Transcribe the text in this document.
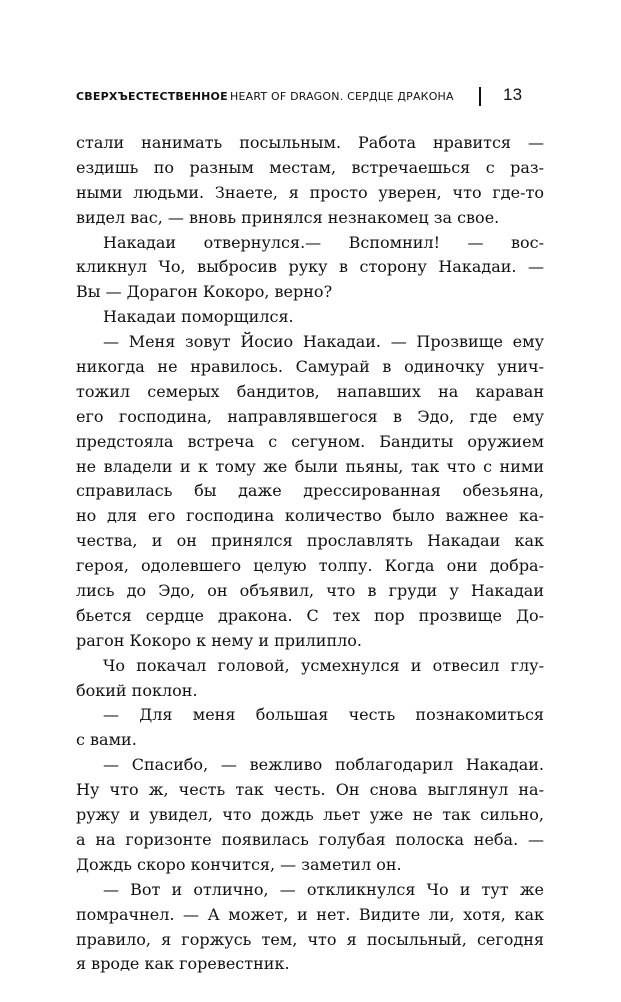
СВЕРХЪЕСТЕСТВЕННОЕ HEART OF DRAGON. СЕРДЦЕ ДРАКОНА	13
стали нанимать посыльным. Работа нравится —
ездишь по разным местам, встречаешься с раз-
ными людьми. Знаете, я просто уверен, что где-то
видел вас, — вновь принялся незнакомец за свое.
Накадаи отвернулся.— Вспомнил! — вос-
кликнул Чо, выбросив руку в сторону Накадаи. —
Вы — Дорагон Кокоро, верно?
Накадаи поморщился.
— Меня зовут Йосио Накадаи. — Прозвище ему
никогда не нравилось. Самурай в одиночку унич-
тожил семерых бандитов, напавших на караван
его господина, направлявшегося в Эдо, где ему
предстояла встреча с сегуном. Бандиты оружием
не владели и к тому же были пьяны, так что с ними
справилась бы даже дрессированная обезьяна,
но для его господина количество было важнее ка-
чества, и он принялся прославлять Накадаи как
героя, одолевшего целую толпу. Когда они добра-
лись до Эдо, он объявил, что в груди у Накадаи
бьется сердце дракона. С тех пор прозвище До-
рагон Кокоро к нему и прилипло.
Чо покачал головой, усмехнулся и отвесил глу-
бокий поклон.
— Для меня большая честь познакомиться
с вами.
— Спасибо, — вежливо поблагодарил Накадаи.
Ну что ж, честь так честь. Он снова выглянул на-
ружу и увидел, что дождь льет уже не так сильно,
а на горизонте появилась голубая полоска неба. —
Дождь скоро кончится, — заметил он.
— Вот и отлично, — откликнулся Чо и тут же
помрачнел. — А может, и нет. Видите ли, хотя, как
правило, я горжусь тем, что я посыльный, сегодня
я вроде как горевестник.
